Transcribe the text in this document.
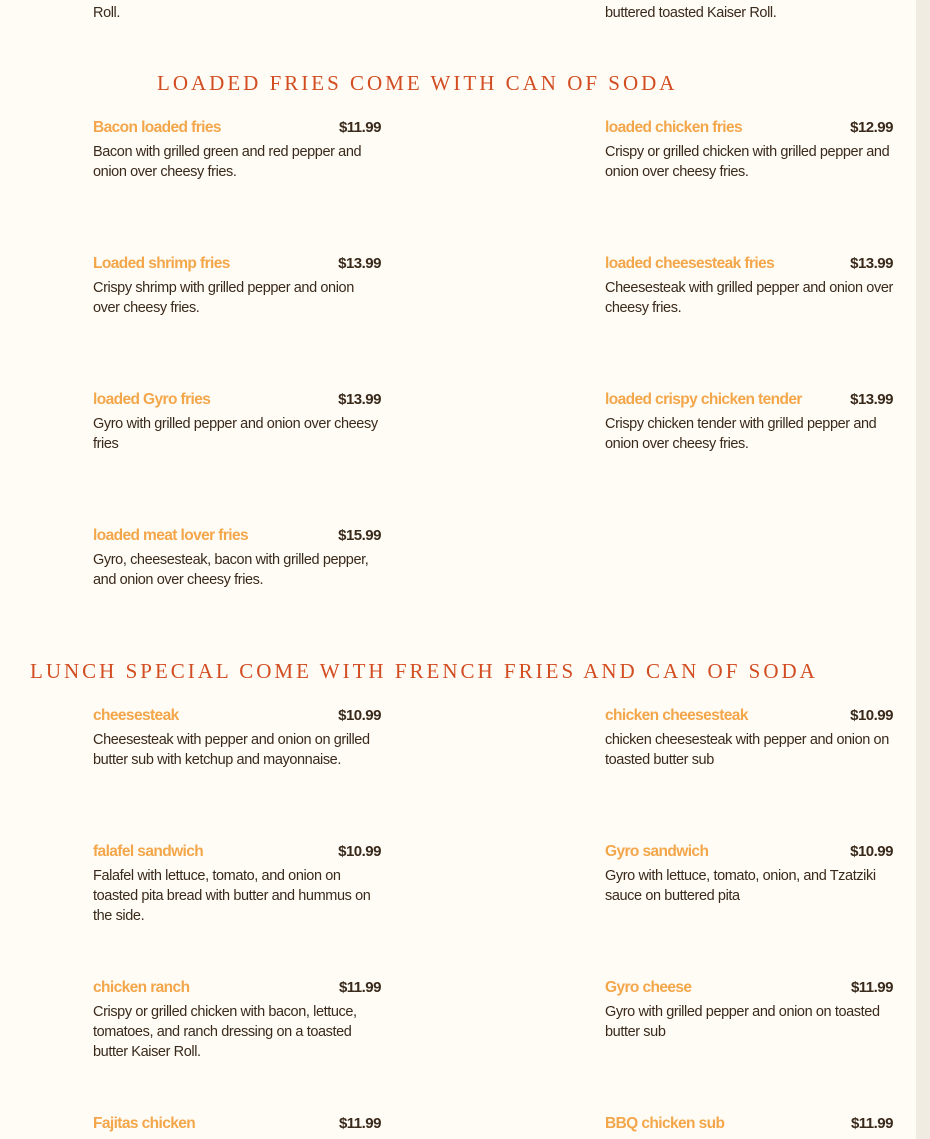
Roll.	buttered toasted Kaiser Roll.
LOADED FRIES COME WITH CAN OF SODA
Bacon loaded fries	$11.99
Bacon with grilled green and red pepper and onion over cheesy fries.
loaded chicken fries	$12.99
Crispy or grilled chicken with grilled pepper and onion over cheesy fries.
Loaded shrimp fries	$13.99
Crispy shrimp with grilled pepper and onion over cheesy fries.
loaded cheesesteak fries	$13.99
Cheesesteak with grilled pepper and onion over cheesy fries.
loaded Gyro fries	$13.99
Gyro with grilled pepper and onion over cheesy fries
loaded crispy chicken tender	$13.99
Crispy chicken tender with grilled pepper and onion over cheesy fries.
loaded meat lover fries	$15.99
Gyro, cheesesteak, bacon with grilled pepper, and onion over cheesy fries.
LUNCH SPECIAL COME WITH FRENCH FRIES AND CAN OF SODA
cheesesteak	$10.99
Cheesesteak with pepper and onion on grilled butter sub with ketchup and mayonnaise.
chicken cheesesteak	$10.99
chicken cheesesteak with pepper and onion on toasted butter sub
falafel sandwich	$10.99
Falafel with lettuce, tomato, and onion on toasted pita bread with butter and hummus on the side.
Gyro sandwich	$10.99
Gyro with lettuce, tomato, onion, and Tzatziki sauce on buttered pita
chicken ranch	$11.99
Crispy or grilled chicken with bacon, lettuce, tomatoes, and ranch dressing on a toasted butter Kaiser Roll.
Gyro cheese	$11.99
Gyro with grilled pepper and onion on toasted butter sub
Fajitas chicken	$11.99	BBQ chicken sub	$11.99
